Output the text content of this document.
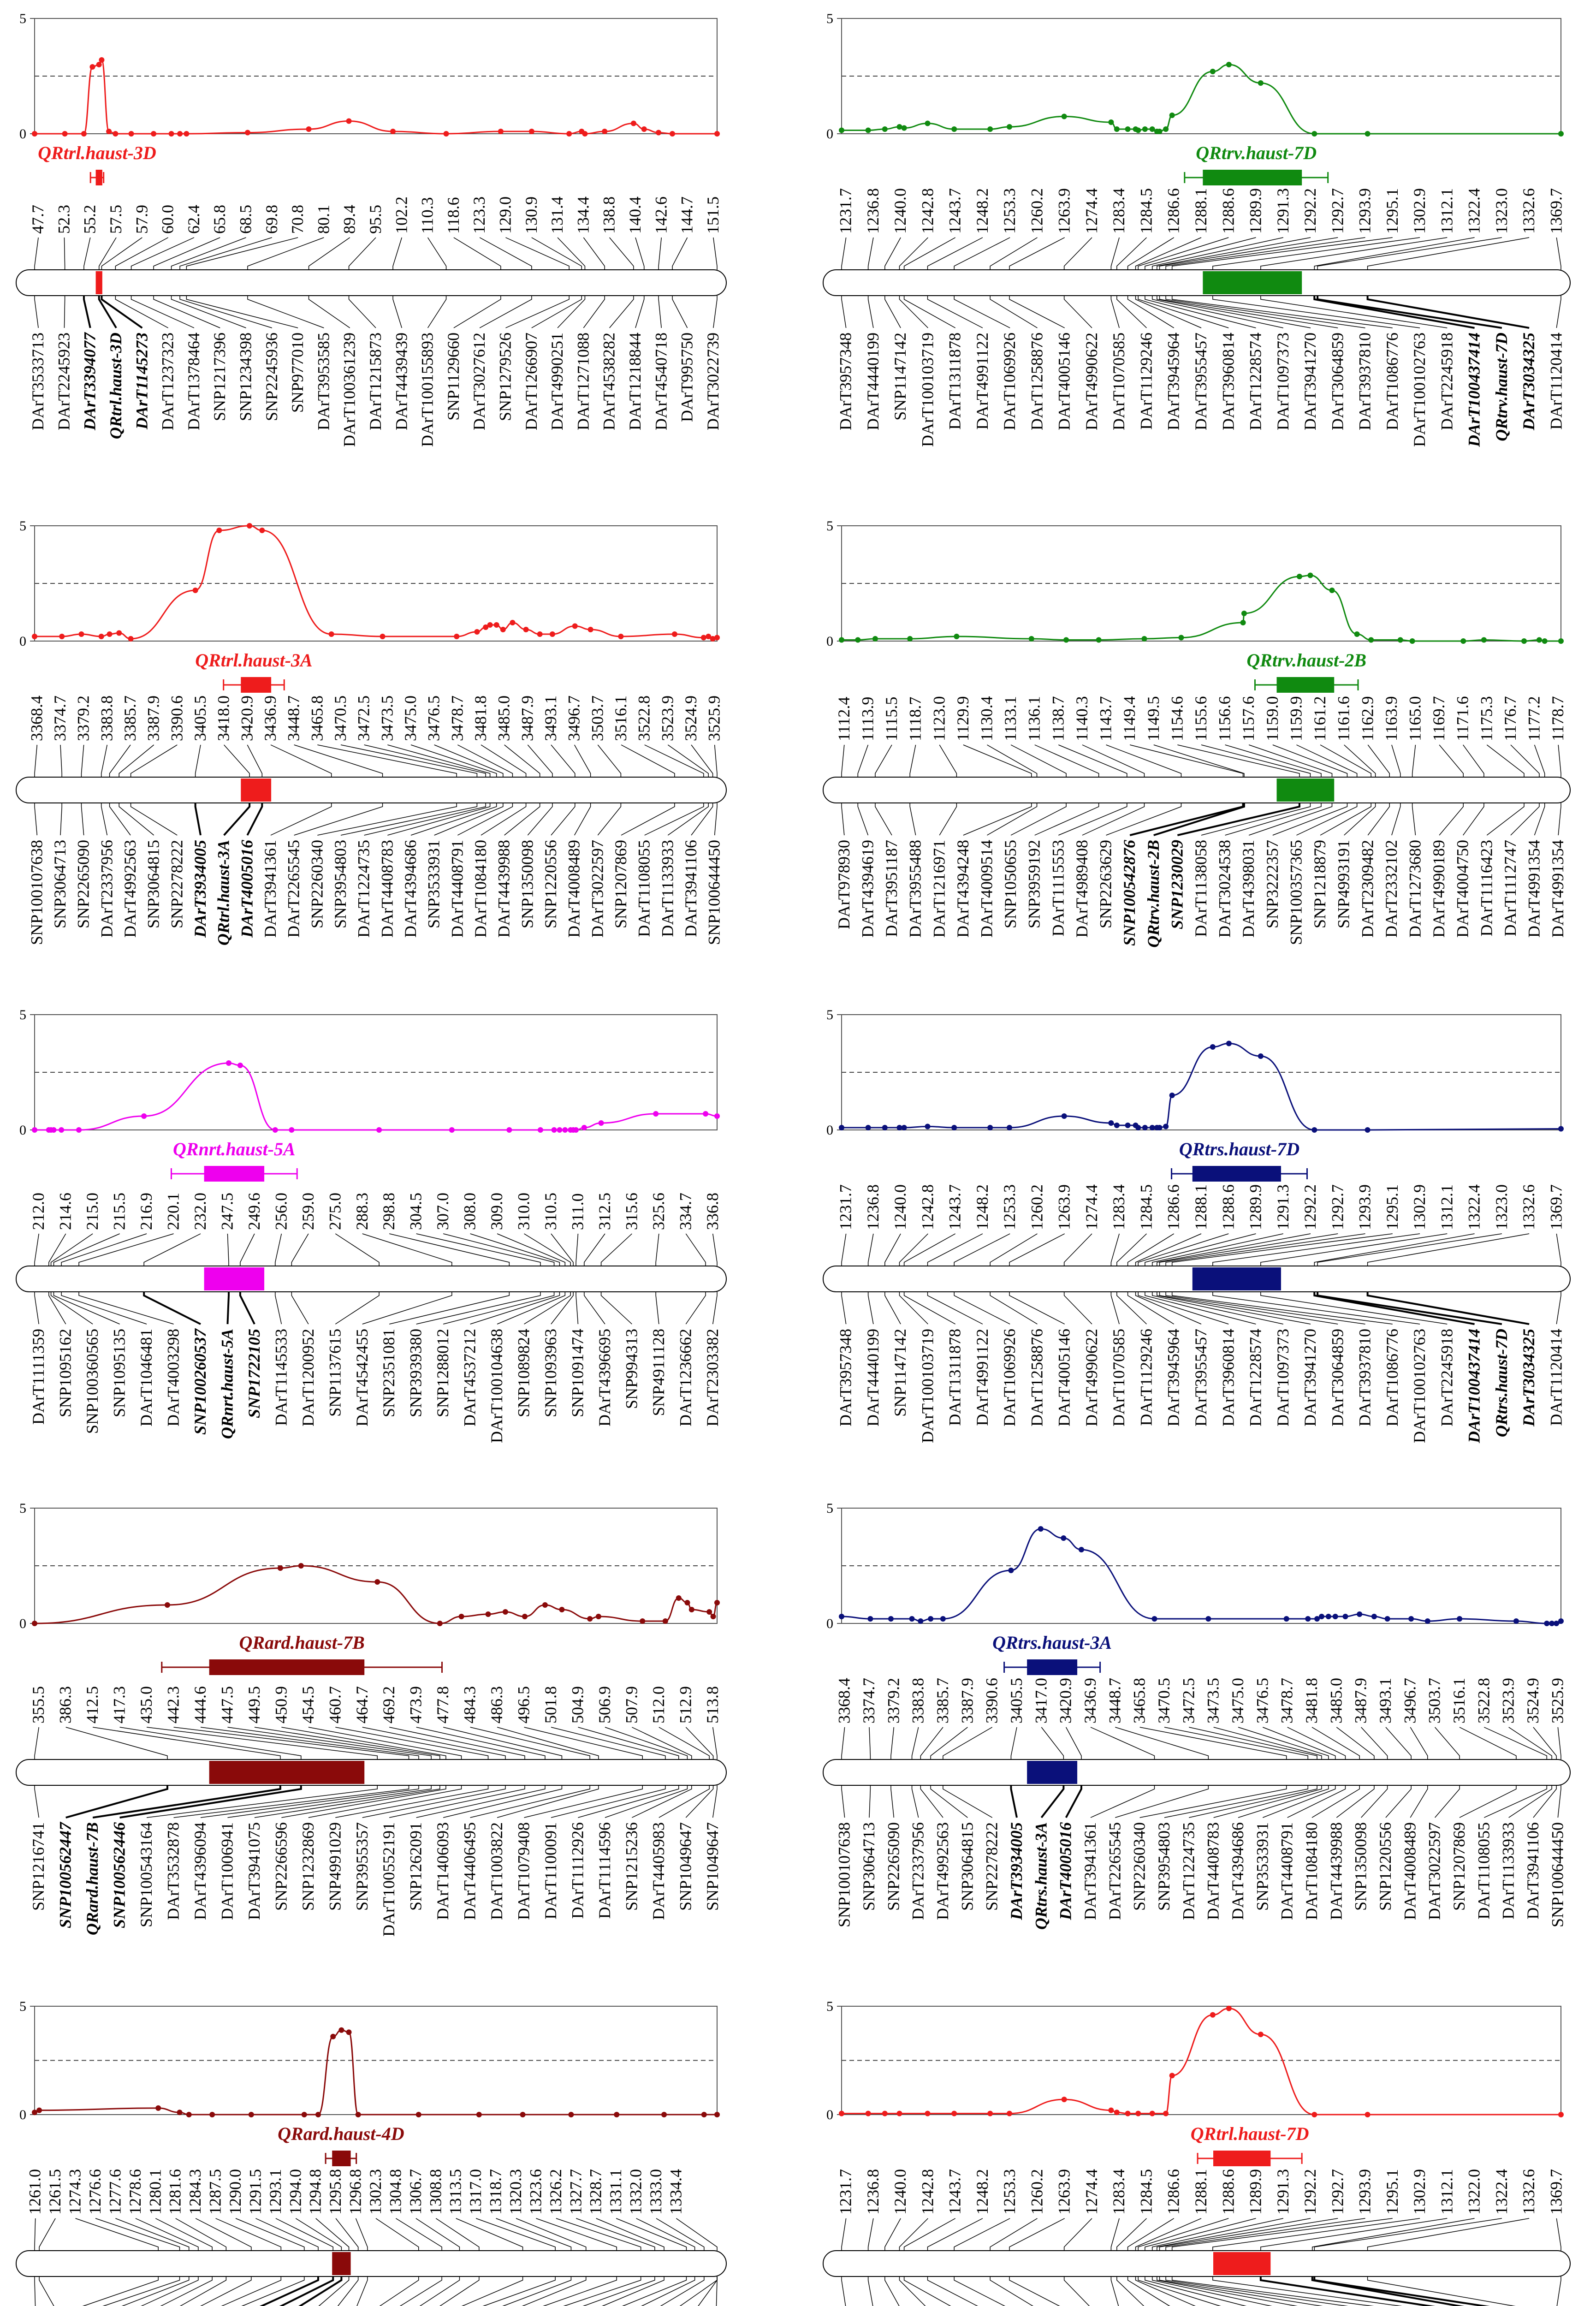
0
5
QRtrl.haust-3D
47.7
DArT3533713
52.3
DArT2245923
55.2
DArT3394077
57.5
QRtrl.haust-3D
57.9
DArT1145273
60.0
DArT1237323
62.4
DArT1378464
65.8
SNP1217396
68.5
SNP1234398
69.8
SNP2245936
70.8
SNP977010
80.1
DArT3953585
89.4
DArT100361239
95.5
DArT1215873
102.2
DArT4439439
110.3
DArT100155893
118.6
SNP1129660
123.3
DArT3027612
129.0
SNP1279526
130.9
DArT1266907
131.4
DArT4990251
134.4
DArT1271088
138.8
DArT4538282
140.4
DArT1218844
142.6
DArT4540718
144.7
DArT995750
151.5
DArT3022739
0
5
QRtrv.haust-7D
1231.7
DArT3957348
1236.8
DArT4440199
1240.0
SNP1147142
1242.8
DArT100103719
1243.7
DArT1311878
1248.2
DArT4991122
1253.3
DArT1069926
1260.2
DArT1258876
1263.9
DArT4005146
1274.4
DArT4990622
1283.4
DArT1070585
1284.5
DArT1129246
1286.6
DArT3945964
1288.1
DArT3955457
1288.6
DArT3960814
1289.9
DArT1228574
1291.3
DArT1097373
1292.2
DArT3941270
1292.7
DArT3064859
1293.9
DArT3937810
1295.1
DArT1086776
1302.9
DArT100102763
1312.1
DArT2245918
1322.4
DArT100437414
1323.0
QRtrv.haust-7D
1332.6
DArT3034325
1369.7
DArT1120414
0
5
QRtrl.haust-3A
3368.4
SNP100107638
3374.7
SNP3064713
3379.2
SNP2265090
3383.8
DArT2337956
3385.7
DArT4992563
3387.9
SNP3064815
3390.6
SNP2278222
3405.5
DArT3934005
3418.0
QRtrl.haust-3A
3420.9
DArT4005016
3436.9
DArT3941361
3448.7
DArT2265545
3465.8
SNP2260340
3470.5
SNP3954803
3472.5
DArT1224735
3473.5
DArT4408783
3475.0
DArT4394686
3476.5
SNP3533931
3478.7
DArT4408791
3481.8
DArT1084180
3485.0
DArT4439988
3487.9
SNP1350098
3493.1
SNP1220556
3496.7
DArT4008489
3503.7
DArT3022597
3516.1
SNP1207869
3522.8
DArT1108055
3523.9
DArT1133933
3524.9
DArT3941106
3525.9
SNP100644450
0
5
QRtrv.haust-2B
1112.4
DArT978930
1113.9
DArT4394619
1115.5
DArT3951187
1118.7
DArT3955488
1123.0
DArT1216971
1129.9
DArT4394248
1130.4
DArT4009514
1133.1
SNP1050655
1136.1
SNP3959192
1138.7
DArT1115553
1140.3
DArT4989408
1143.7
SNP2263629
1149.4
SNP100542876
1149.5
QRtrv.haust-2B
1154.6
SNP1230029
1155.6
DArT1138058
1156.6
DArT3024538
1157.6
DArT4398031
1159.0
SNP3222357
1159.9
SNP100357365
1161.2
SNP1218879
1161.6
SNP4993191
1162.9
DArT2309482
1163.9
DArT2332102
1165.0
DArT1273680
1169.7
DArT4990189
1171.6
DArT4004750
1175.3
DArT1116423
1176.7
DArT1112747
1177.2
DArT4991354
1178.7
DArT4991354
0
5
QRnrt.haust-5A
212.0
DArT1111359
214.6
SNP1095162
215.0
SNP100360565
215.5
SNP1095135
216.9
DArT1046481
220.1
DArT4003298
232.0
SNP100260537
247.5
QRnrt.haust-5A
249.6
SNP1722105
256.0
DArT1145533
259.0
DArT1200952
275.0
SNP1137615
288.3
DArT4542455
298.8
SNP2351081
304.5
SNP3939380
307.0
SNP1288012
308.0
DArT4537212
309.0
DArT100104638
310.0
SNP1089824
310.5
SNP1093963
311.0
SNP1091474
312.5
DArT4396695
315.6
SNP994313
325.6
SNP4911128
334.7
DArT1236662
336.8
DArT2303382
0
5
QRtrs.haust-7D
1231.7
DArT3957348
1236.8
DArT4440199
1240.0
SNP1147142
1242.8
DArT100103719
1243.7
DArT1311878
1248.2
DArT4991122
1253.3
DArT1069926
1260.2
DArT1258876
1263.9
DArT4005146
1274.4
DArT4990622
1283.4
DArT1070585
1284.5
DArT1129246
1286.6
DArT3945964
1288.1
DArT3955457
1288.6
DArT3960814
1289.9
DArT1228574
1291.3
DArT1097373
1292.2
DArT3941270
1292.7
DArT3064859
1293.9
DArT3937810
1295.1
DArT1086776
1302.9
DArT100102763
1312.1
DArT2245918
1322.4
DArT100437414
1323.0
QRtrs.haust-7D
1332.6
DArT3034325
1369.7
DArT1120414
0
5
QRard.haust-7B
355.5
SNP1216741
386.3
SNP100562447
412.5
QRard.haust-7B
417.3
SNP100562446
435.0
SNP100543164
442.3
DArT3532878
444.6
DArT4396094
447.5
DArT1006941
449.5
DArT3941075
450.9
SNP2266596
454.5
SNP1232869
460.7
SNP4991029
464.7
SNP3955357
469.2
DArT100552191
473.9
SNP1262091
477.8
DArT1406093
484.3
DArT4406495
486.3
DArT1003822
496.5
DArT1079408
501.8
DArT1100091
504.9
DArT1112926
506.9
DArT1114596
507.9
SNP1215236
512.0
DArT4405983
512.9
SNP1049647
513.8
SNP1049647
0
5
QRtrs.haust-3A
3368.4
SNP100107638
3374.7
SNP3064713
3379.2
SNP2265090
3383.8
DArT2337956
3385.7
DArT4992563
3387.9
SNP3064815
3390.6
SNP2278222
3405.5
DArT3934005
3417.0
QRtrs.haust-3A
3420.9
DArT4005016
3436.9
DArT3941361
3448.7
DArT2265545
3465.8
SNP2260340
3470.5
SNP3954803
3472.5
DArT1224735
3473.5
DArT4408783
3475.0
DArT4394686
3476.5
SNP3533931
3478.7
DArT4408791
3481.8
DArT1084180
3485.0
DArT4439988
3487.9
SNP1350098
3493.1
SNP1220556
3496.7
DArT4008489
3503.7
DArT3022597
3516.1
SNP1207869
3522.8
DArT1108055
3523.9
DArT1133933
3524.9
DArT3941106
3525.9
SNP100644450
0
5
QRard.haust-4D
1261.0 1261.5 1274.3 1276.6 1277.6 1278.6 1280.1 1281.6 1284.3 1287.5 1290.0 1291.5 1293.1 1294.0 1294.8 1295.8 1296.8 1302.3 1304.8 1306.7 1308.8 1313.5 1317.0 1318.7 1320.3 1323.6 1326.2 1327.7 1328.7 1331.1 1332.0 1333.0 1334.4
0
5
QRtrl.haust-7D
1231.7 1236.8 1240.0 1242.8 1243.7 1248.2 1253.3 1260.2 1263.9 1274.4 1283.4 1284.5 1286.6 1288.1 1288.6 1289.9 1291.3 1292.2 1292.7 1293.9 1295.1 1302.9 1312.1 1322.0 1322.4 1332.6 1369.7
